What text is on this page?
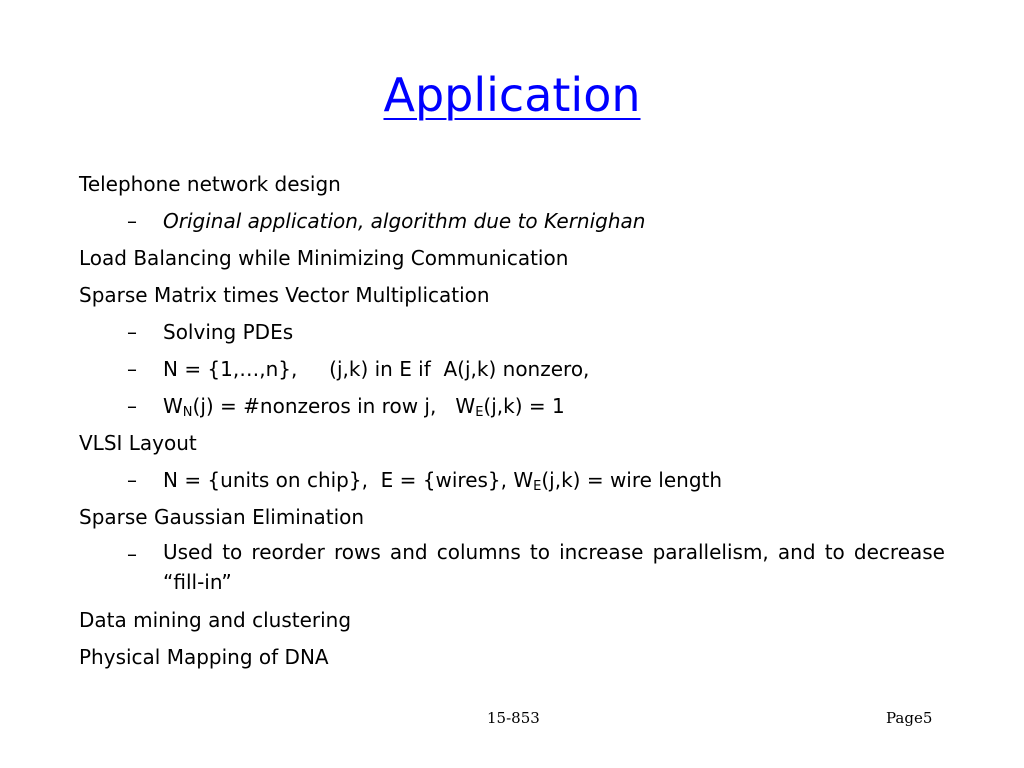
Application
Telephone network design
– Original application, algorithm due to Kernighan
Load Balancing while Minimizing Communication
Sparse Matrix times Vector Multiplication
– Solving PDEs
– N = {1,…,n},     (j,k) in E if  A(j,k) nonzero,
– $W_N(j)$ = #nonzeros in row j,   $W_E(j,k) = 1$
VLSI Layout
– N = {units on chip},  E = {wires}, $W_E(j,k)$ = wire length
Sparse Gaussian Elimination
– Used to reorder rows and columns to increase parallelism, and to decrease “fill-in”
Data mining and clustering
Physical Mapping of DNA
15-853	Page5
